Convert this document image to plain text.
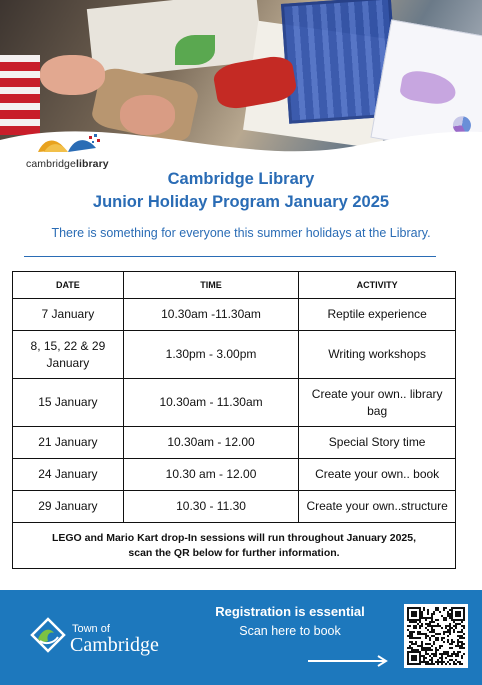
cambridgelibrary
Cambridge Library
Junior Holiday Program January 2025
There is something for everyone this summer holidays at the Library.
DATE	TIME	ACTIVITY
7 January	10.30am -11.30am	Reptile experience
8, 15, 22 & 29 January	1.30pm - 3.00pm	Writing workshops
15 January	10.30am - 11.30am	Create your own.. library bag
21 January	10.30am - 12.00	Special Story time
24 January	10.30 am - 12.00	Create your own.. book
29 January	10.30 - 11.30	Create your own..structure
LEGO and Mario Kart drop-In sessions will run throughout January 2025,
scan the QR below for further information.		
Town of
Cambridge
Registration is essential
Scan here to book
